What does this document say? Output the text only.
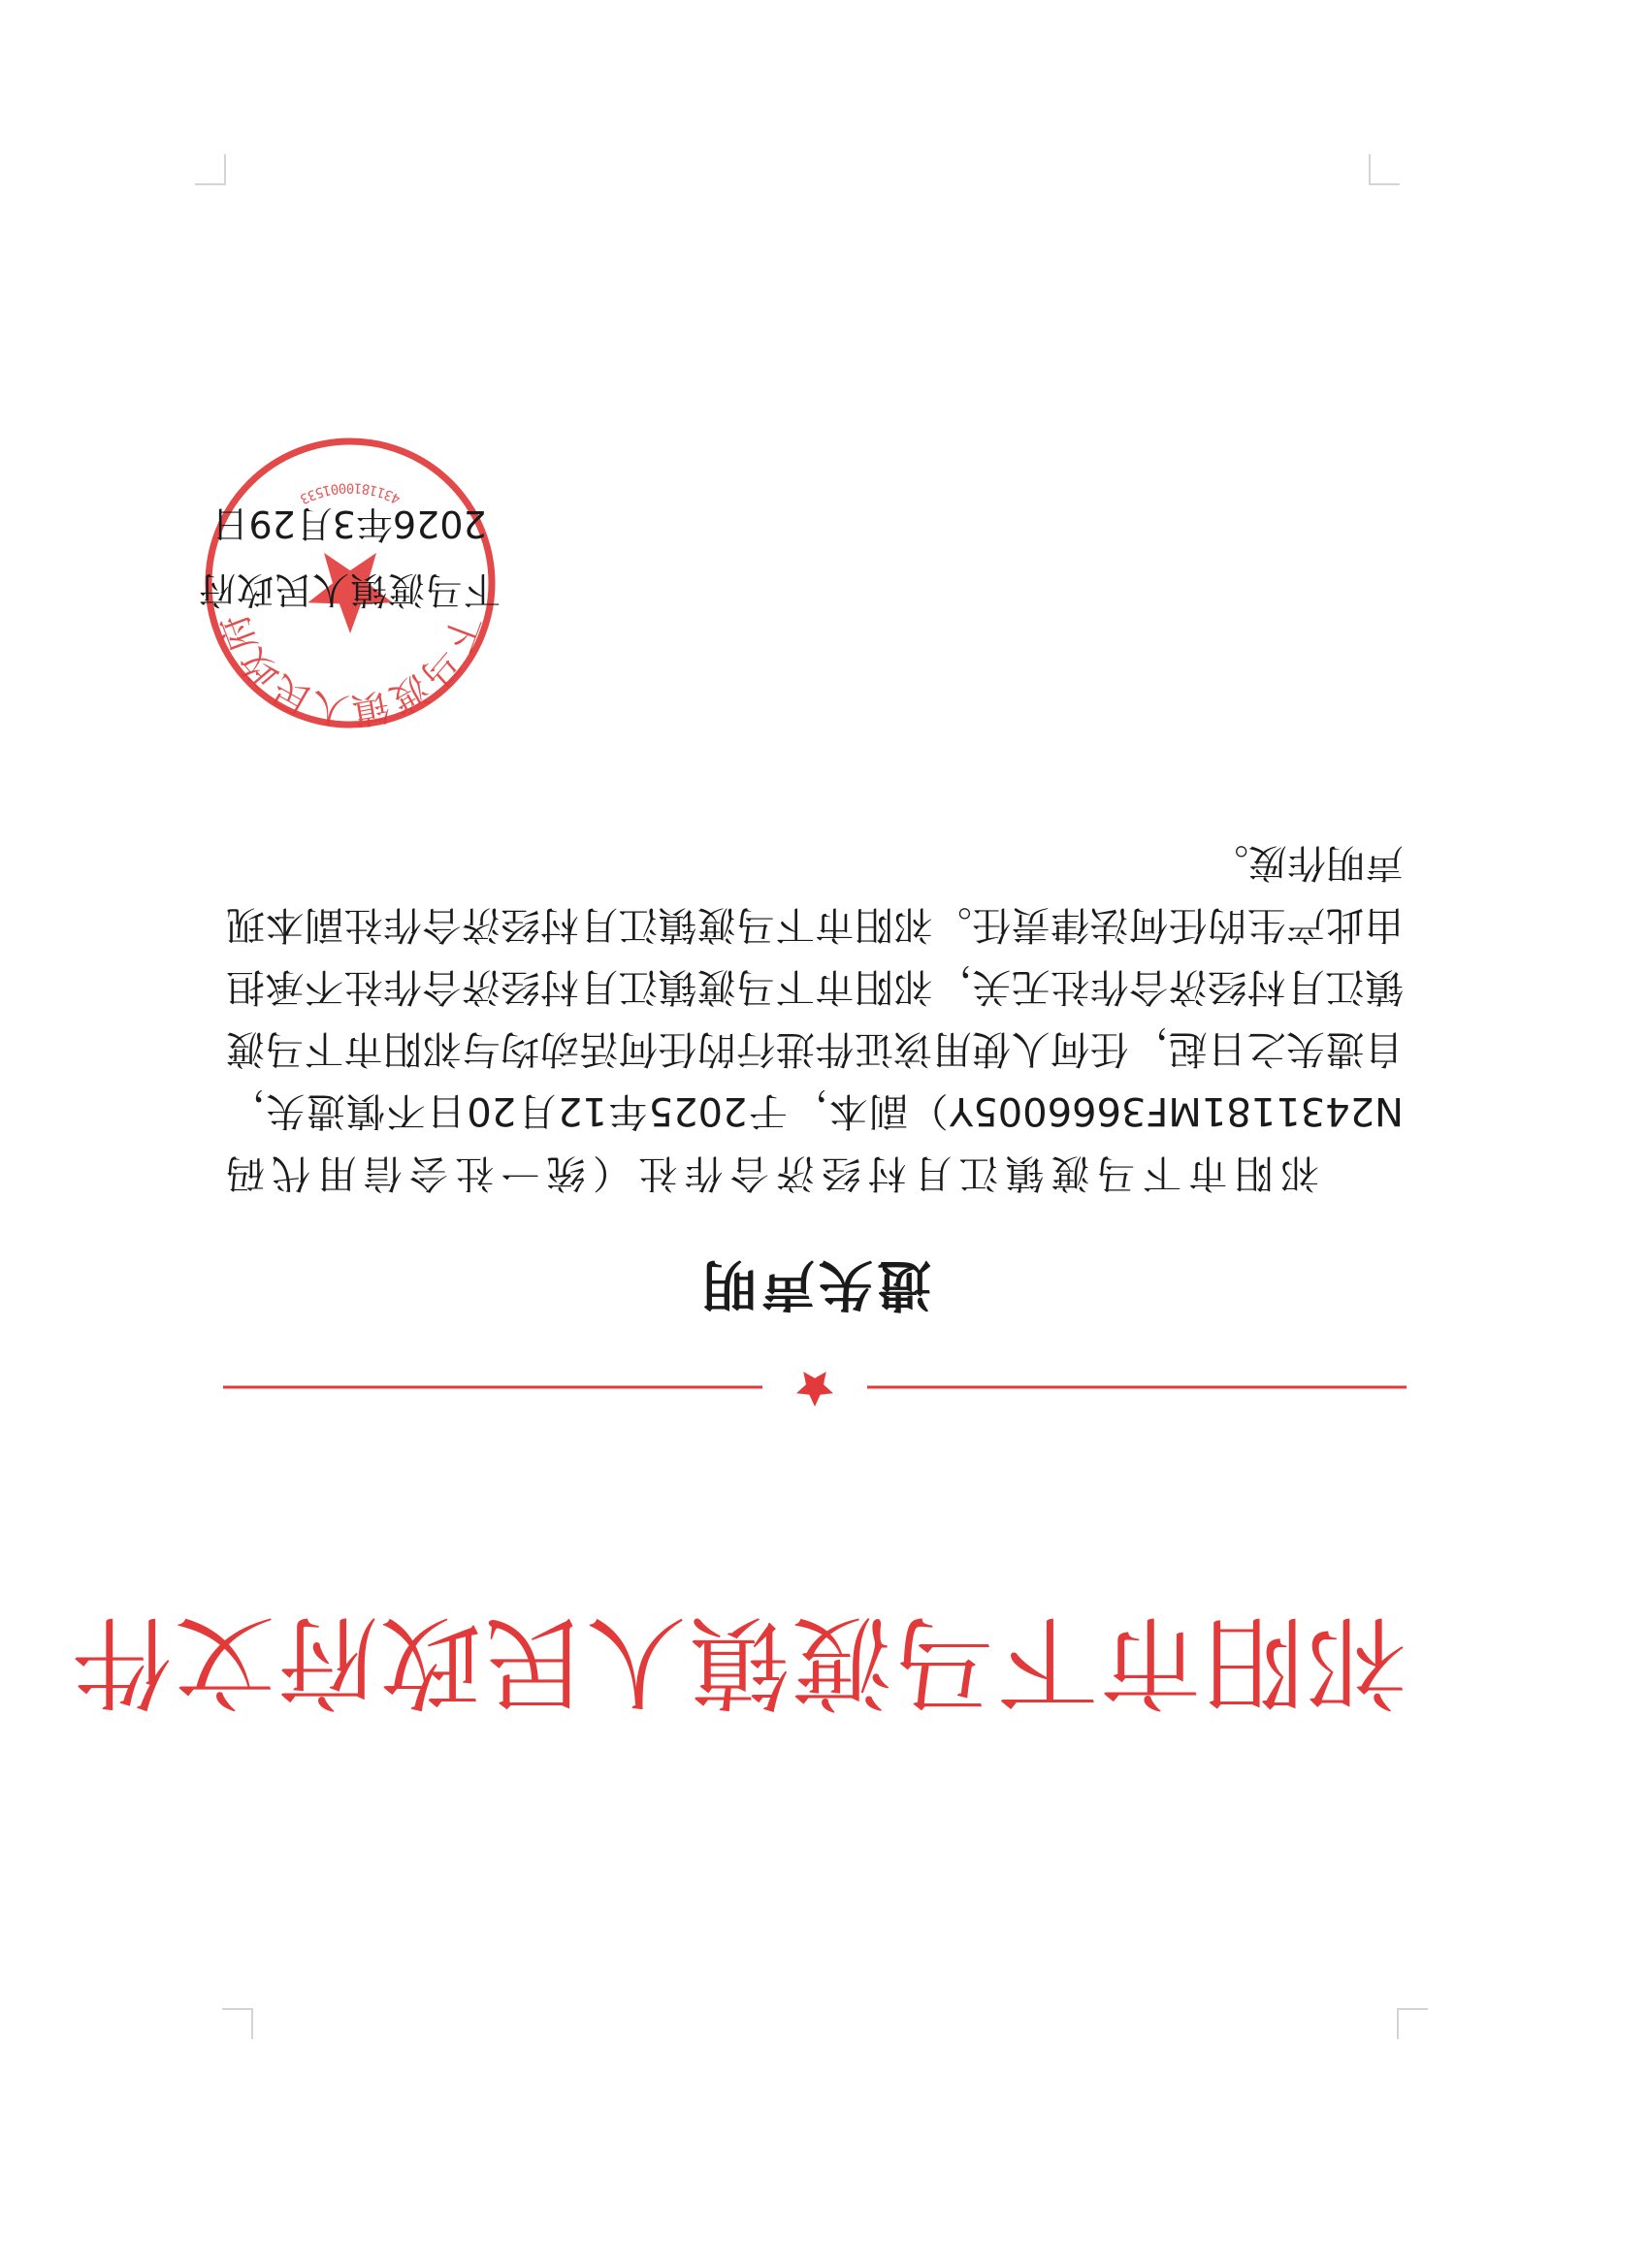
祁阳市下马渡镇人民政府文件
遗失声明

祁阳市下马渡镇江月村经济合作社（统一社会信用代码N2431181MF3666005Y）副本，于2025年12月20日不慎遗失，自遗失之日起，任何人使用该证件进行的任何活动均与祁阳市下马渡镇江月村经济合作社无关，祁阳市下马渡镇江月村经济合作社不承担由此产生的任何法律责任。祁阳市下马渡镇江月村经济合作社副本现声明作废。

下马渡镇人民政府
4311810001533
下马渡镇人民政府
2026年3月29日
